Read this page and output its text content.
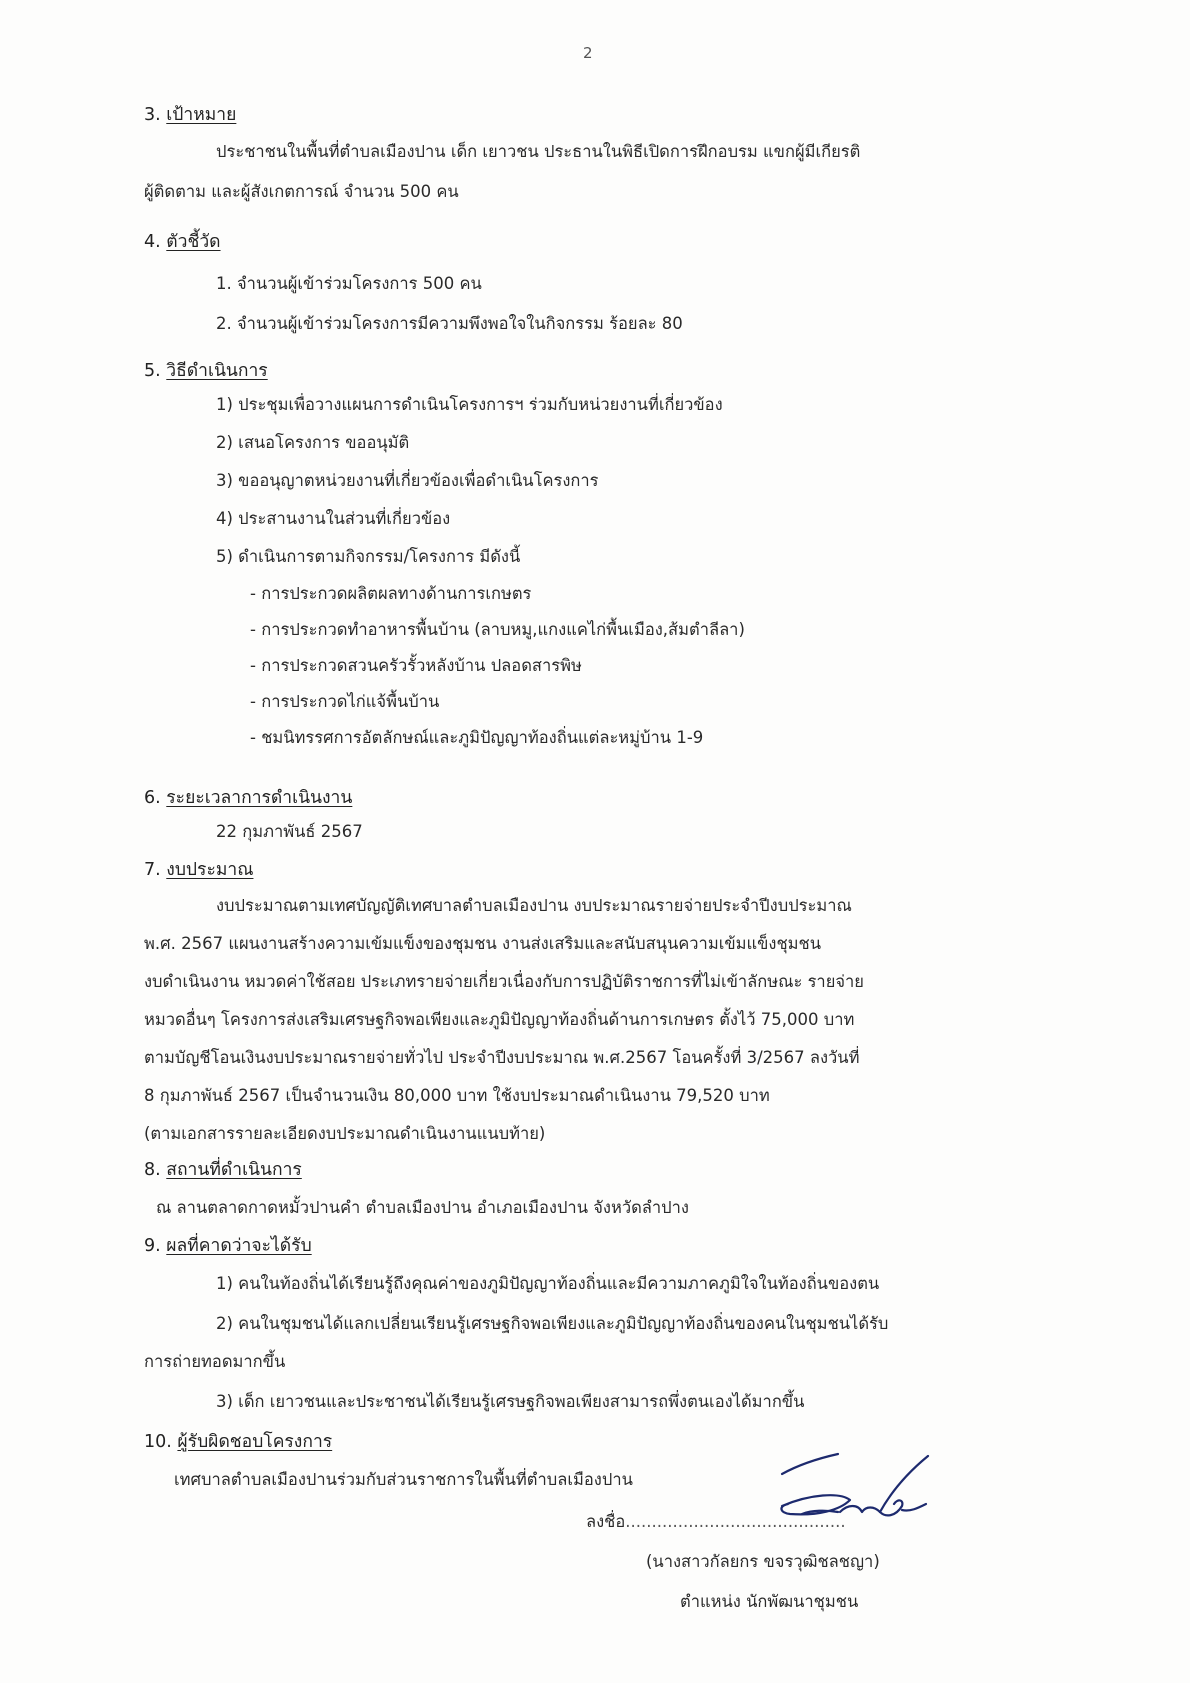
2
3. เป้าหมาย
ประชาชนในพื้นที่ตำบลเมืองปาน เด็ก เยาวชน ประธานในพิธีเปิดการฝึกอบรม แขกผู้มีเกียรติ
ผู้ติดตาม และผู้สังเกตการณ์ จำนวน 500 คน
4. ตัวชี้วัด
1. จำนวนผู้เข้าร่วมโครงการ 500 คน
2. จำนวนผู้เข้าร่วมโครงการมีความพึงพอใจในกิจกรรม ร้อยละ 80
5. วิธีดำเนินการ
1) ประชุมเพื่อวางแผนการดำเนินโครงการฯ ร่วมกับหน่วยงานที่เกี่ยวข้อง
2) เสนอโครงการ ขออนุมัติ
3) ขออนุญาตหน่วยงานที่เกี่ยวข้องเพื่อดำเนินโครงการ
4) ประสานงานในส่วนที่เกี่ยวข้อง
5) ดำเนินการตามกิจกรรม/โครงการ มีดังนี้
- การประกวดผลิตผลทางด้านการเกษตร
- การประกวดทำอาหารพื้นบ้าน (ลาบหมู,แกงแคไก่พื้นเมือง,ส้มตำลีลา)
- การประกวดสวนครัวรั้วหลังบ้าน ปลอดสารพิษ
- การประกวดไก่แจ้พื้นบ้าน
- ชมนิทรรศการอัตลักษณ์และภูมิปัญญาท้องถิ่นแต่ละหมู่บ้าน 1-9
6. ระยะเวลาการดำเนินงาน
22 กุมภาพันธ์ 2567
7. งบประมาณ
งบประมาณตามเทศบัญญัติเทศบาลตำบลเมืองปาน งบประมาณรายจ่ายประจำปีงบประมาณ
พ.ศ. 2567 แผนงานสร้างความเข้มแข็งของชุมชน งานส่งเสริมและสนับสนุนความเข้มแข็งชุมชน
งบดำเนินงาน หมวดค่าใช้สอย ประเภทรายจ่ายเกี่ยวเนื่องกับการปฏิบัติราชการที่ไม่เข้าลักษณะ รายจ่าย
หมวดอื่นๆ โครงการส่งเสริมเศรษฐกิจพอเพียงและภูมิปัญญาท้องถิ่นด้านการเกษตร ตั้งไว้ 75,000 บาท
ตามบัญชีโอนเงินงบประมาณรายจ่ายทั่วไป ประจำปีงบประมาณ พ.ศ.2567 โอนครั้งที่ 3/2567 ลงวันที่
8 กุมภาพันธ์ 2567 เป็นจำนวนเงิน 80,000 บาท ใช้งบประมาณดำเนินงาน 79,520 บาท
(ตามเอกสารรายละเอียดงบประมาณดำเนินงานแนบท้าย)
8. สถานที่ดำเนินการ
ณ ลานตลาดกาดหมั้วปานคำ ตำบลเมืองปาน อำเภอเมืองปาน จังหวัดลำปาง
9. ผลที่คาดว่าจะได้รับ
1) คนในท้องถิ่นได้เรียนรู้ถึงคุณค่าของภูมิปัญญาท้องถิ่นและมีความภาคภูมิใจในท้องถิ่นของตน
2) คนในชุมชนได้แลกเปลี่ยนเรียนรู้เศรษฐกิจพอเพียงและภูมิปัญญาท้องถิ่นของคนในชุมชนได้รับ
การถ่ายทอดมากขึ้น
3) เด็ก เยาวชนและประชาชนได้เรียนรู้เศรษฐกิจพอเพียงสามารถพึ่งตนเองได้มากขึ้น
10. ผู้รับผิดชอบโครงการ
เทศบาลตำบลเมืองปานร่วมกับส่วนราชการในพื้นที่ตำบลเมืองปาน
ลงชื่อ..........................................
(นางสาวกัลยกร ขจรวุฒิชลชญา)
ตำแหน่ง นักพัฒนาชุมชน
